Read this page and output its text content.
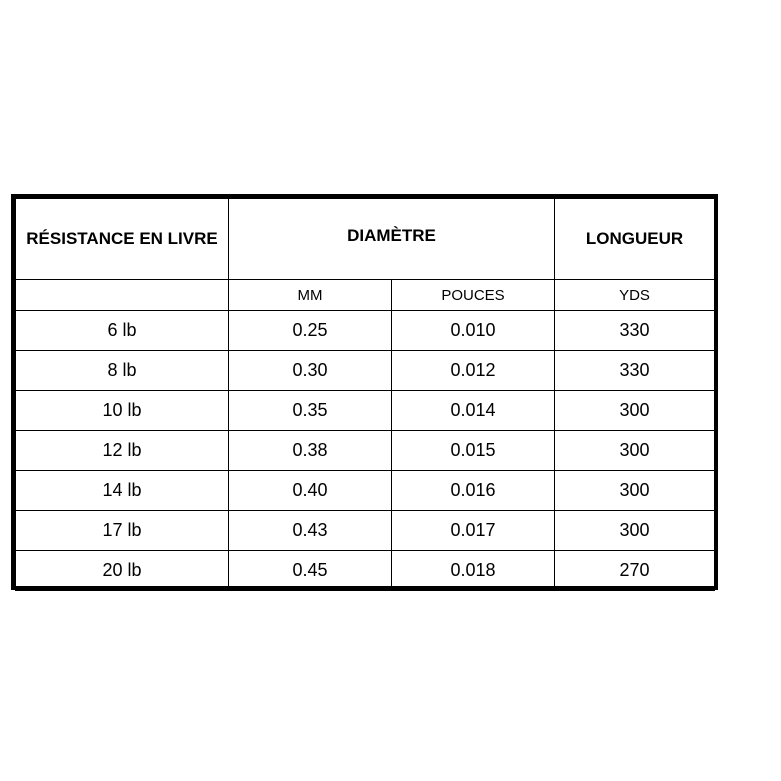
RÉSISTANCE EN LIVRE	DIAMÈTRE		LONGUEUR
	MM	POUCES	YDS
6 lb	0.25	0.010	330
8 lb	0.30	0.012	330
10 lb	0.35	0.014	300
12 lb	0.38	0.015	300
14 lb	0.40	0.016	300
17 lb	0.43	0.017	300
20 lb	0.45	0.018	270
